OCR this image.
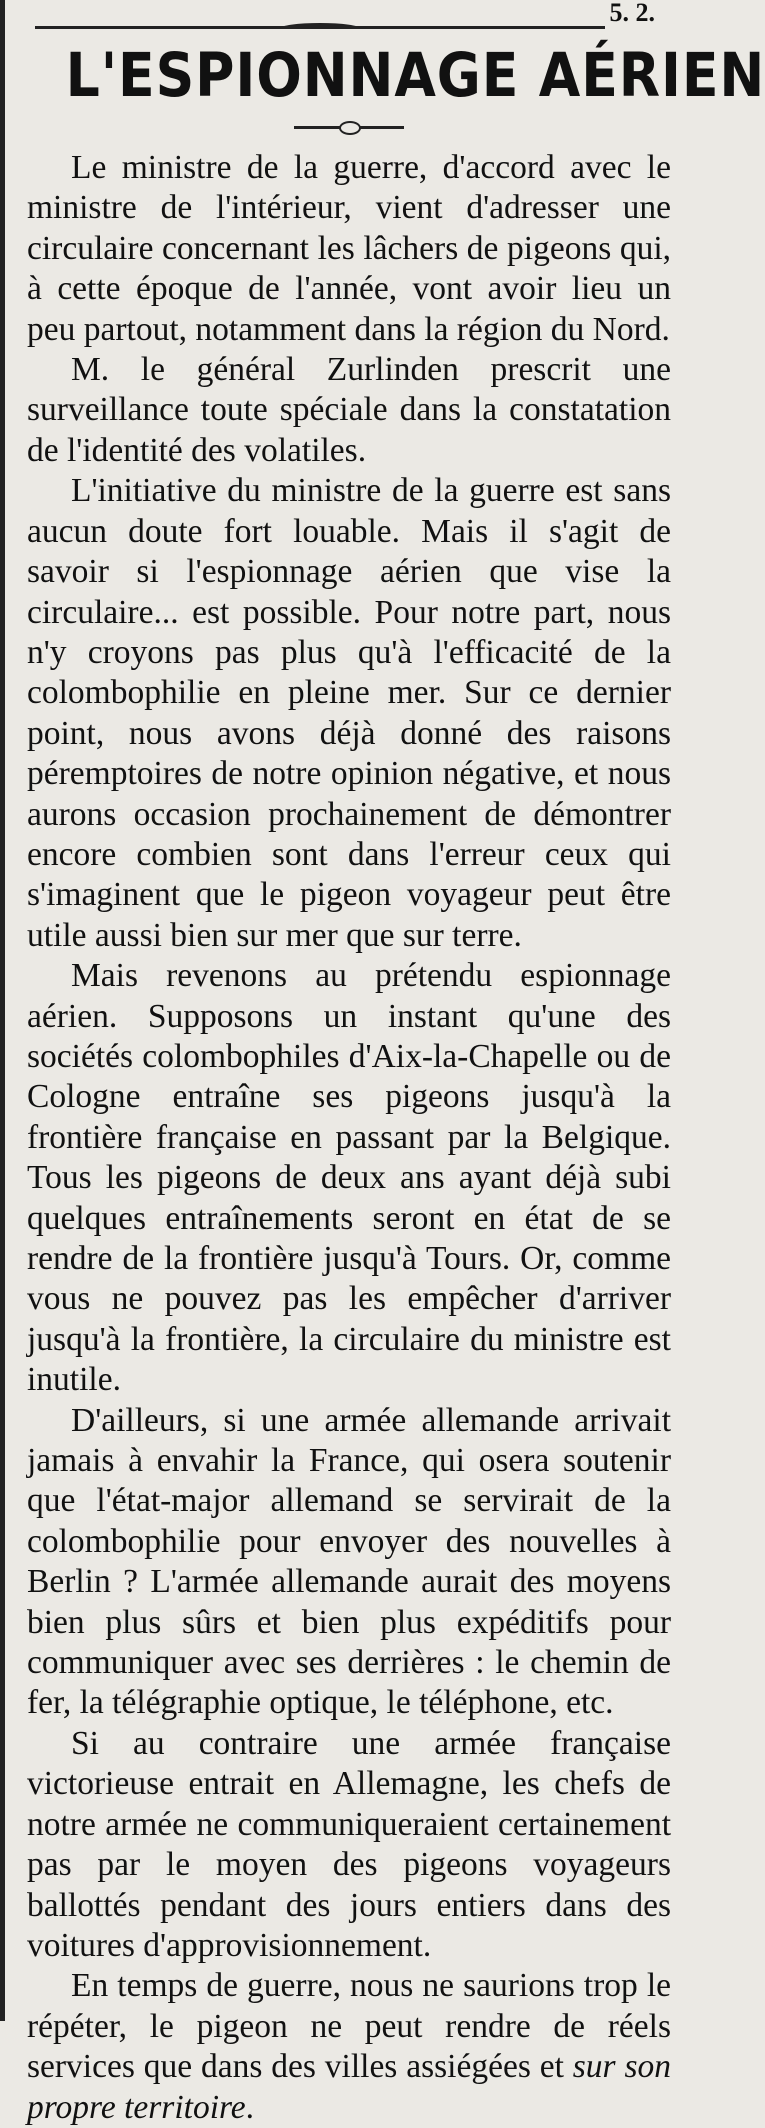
5. 2.
L'ESPIONNAGE AÉRIEN

Le ministre de la guerre, d'accord avec le ministre de l'intérieur, vient d'adresser une circulaire concernant les lâchers de pigeons qui, à cette époque de l'année, vont avoir lieu un peu partout, notamment dans la région du Nord.

M. le général Zurlinden prescrit une surveillance toute spéciale dans la constatation de l'identité des volatiles.

L'initiative du ministre de la guerre est sans aucun doute fort louable. Mais il s'agit de savoir si l'espionnage aérien que vise la circulaire... est possible. Pour notre part, nous n'y croyons pas plus qu'à l'efficacité de la colombophilie en pleine mer. Sur ce dernier point, nous avons déjà donné des raisons péremptoires de notre opinion négative, et nous aurons occasion prochainement de démontrer encore combien sont dans l'erreur ceux qui s'imaginent que le pigeon voyageur peut être utile aussi bien sur mer que sur terre.

Mais revenons au prétendu espionnage aérien. Supposons un instant qu'une des sociétés colombophiles d'Aix-la-Chapelle ou de Cologne entraîne ses pigeons jusqu'à la frontière française en passant par la Belgique. Tous les pigeons de deux ans ayant déjà subi quelques entraînements seront en état de se rendre de la frontière jusqu'à Tours. Or, comme vous ne pouvez pas les empêcher d'arriver jusqu'à la frontière, la circulaire du ministre est inutile.

D'ailleurs, si une armée allemande arrivait jamais à envahir la France, qui osera soutenir que l'état-major allemand se servirait de la colombophilie pour envoyer des nouvelles à Berlin ? L'armée allemande aurait des moyens bien plus sûrs et bien plus expéditifs pour communiquer avec ses derrières : le chemin de fer, la télégraphie optique, le téléphone, etc.

Si au contraire une armée française victorieuse entrait en Allemagne, les chefs de notre armée ne communiqueraient certainement pas par le moyen des pigeons voyageurs ballottés pendant des jours entiers dans des voitures d'approvisionnement.

En temps de guerre, nous ne saurions trop le répéter, le pigeon ne peut rendre de réels services que dans des villes assiégées et sur son propre territoire.
